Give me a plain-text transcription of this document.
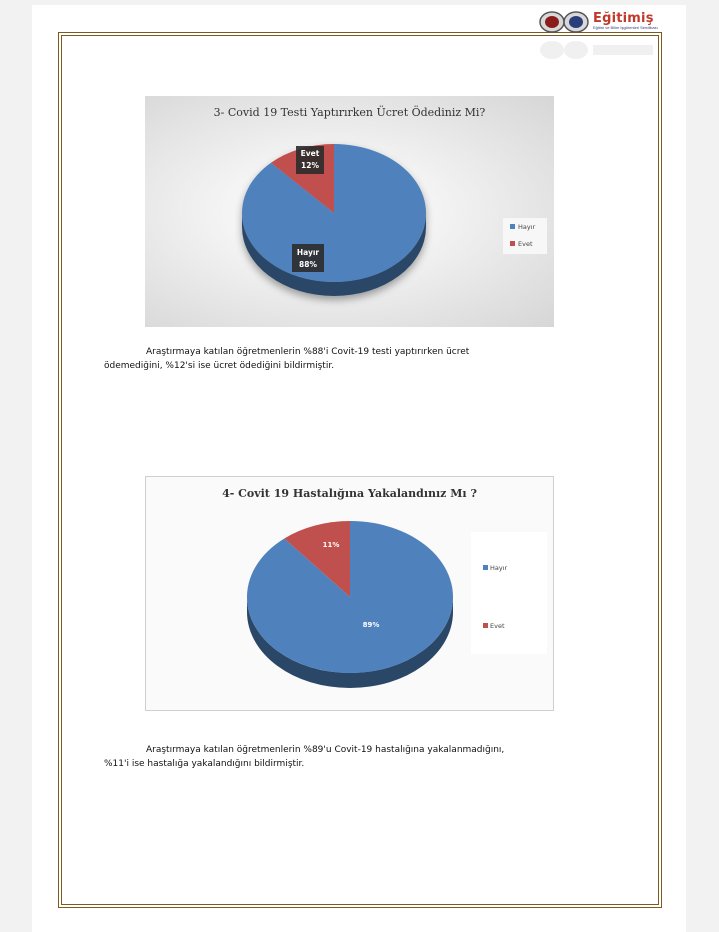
Eğitimiş
Eğitim ve Bilim İşgörenleri Sendikası
3- Covid 19 Testi Yaptırırken Ücret Ödediniz Mi?
Evet
12%
Hayır
88%
Hayır
Evet
Araştırmaya katılan öğretmenlerin %88'i Covit-19 testi yaptırırken ücret
ödemediğini, %12'si ise ücret ödediğini bildirmiştir.
4- Covit 19 Hastalığına Yakalandınız Mı ?
11%
89%
Hayır
Evet
Araştırmaya katılan öğretmenlerin %89'u Covit-19 hastalığına yakalanmadığını,
%11'i ise hastalığa yakalandığını bildirmiştir.
